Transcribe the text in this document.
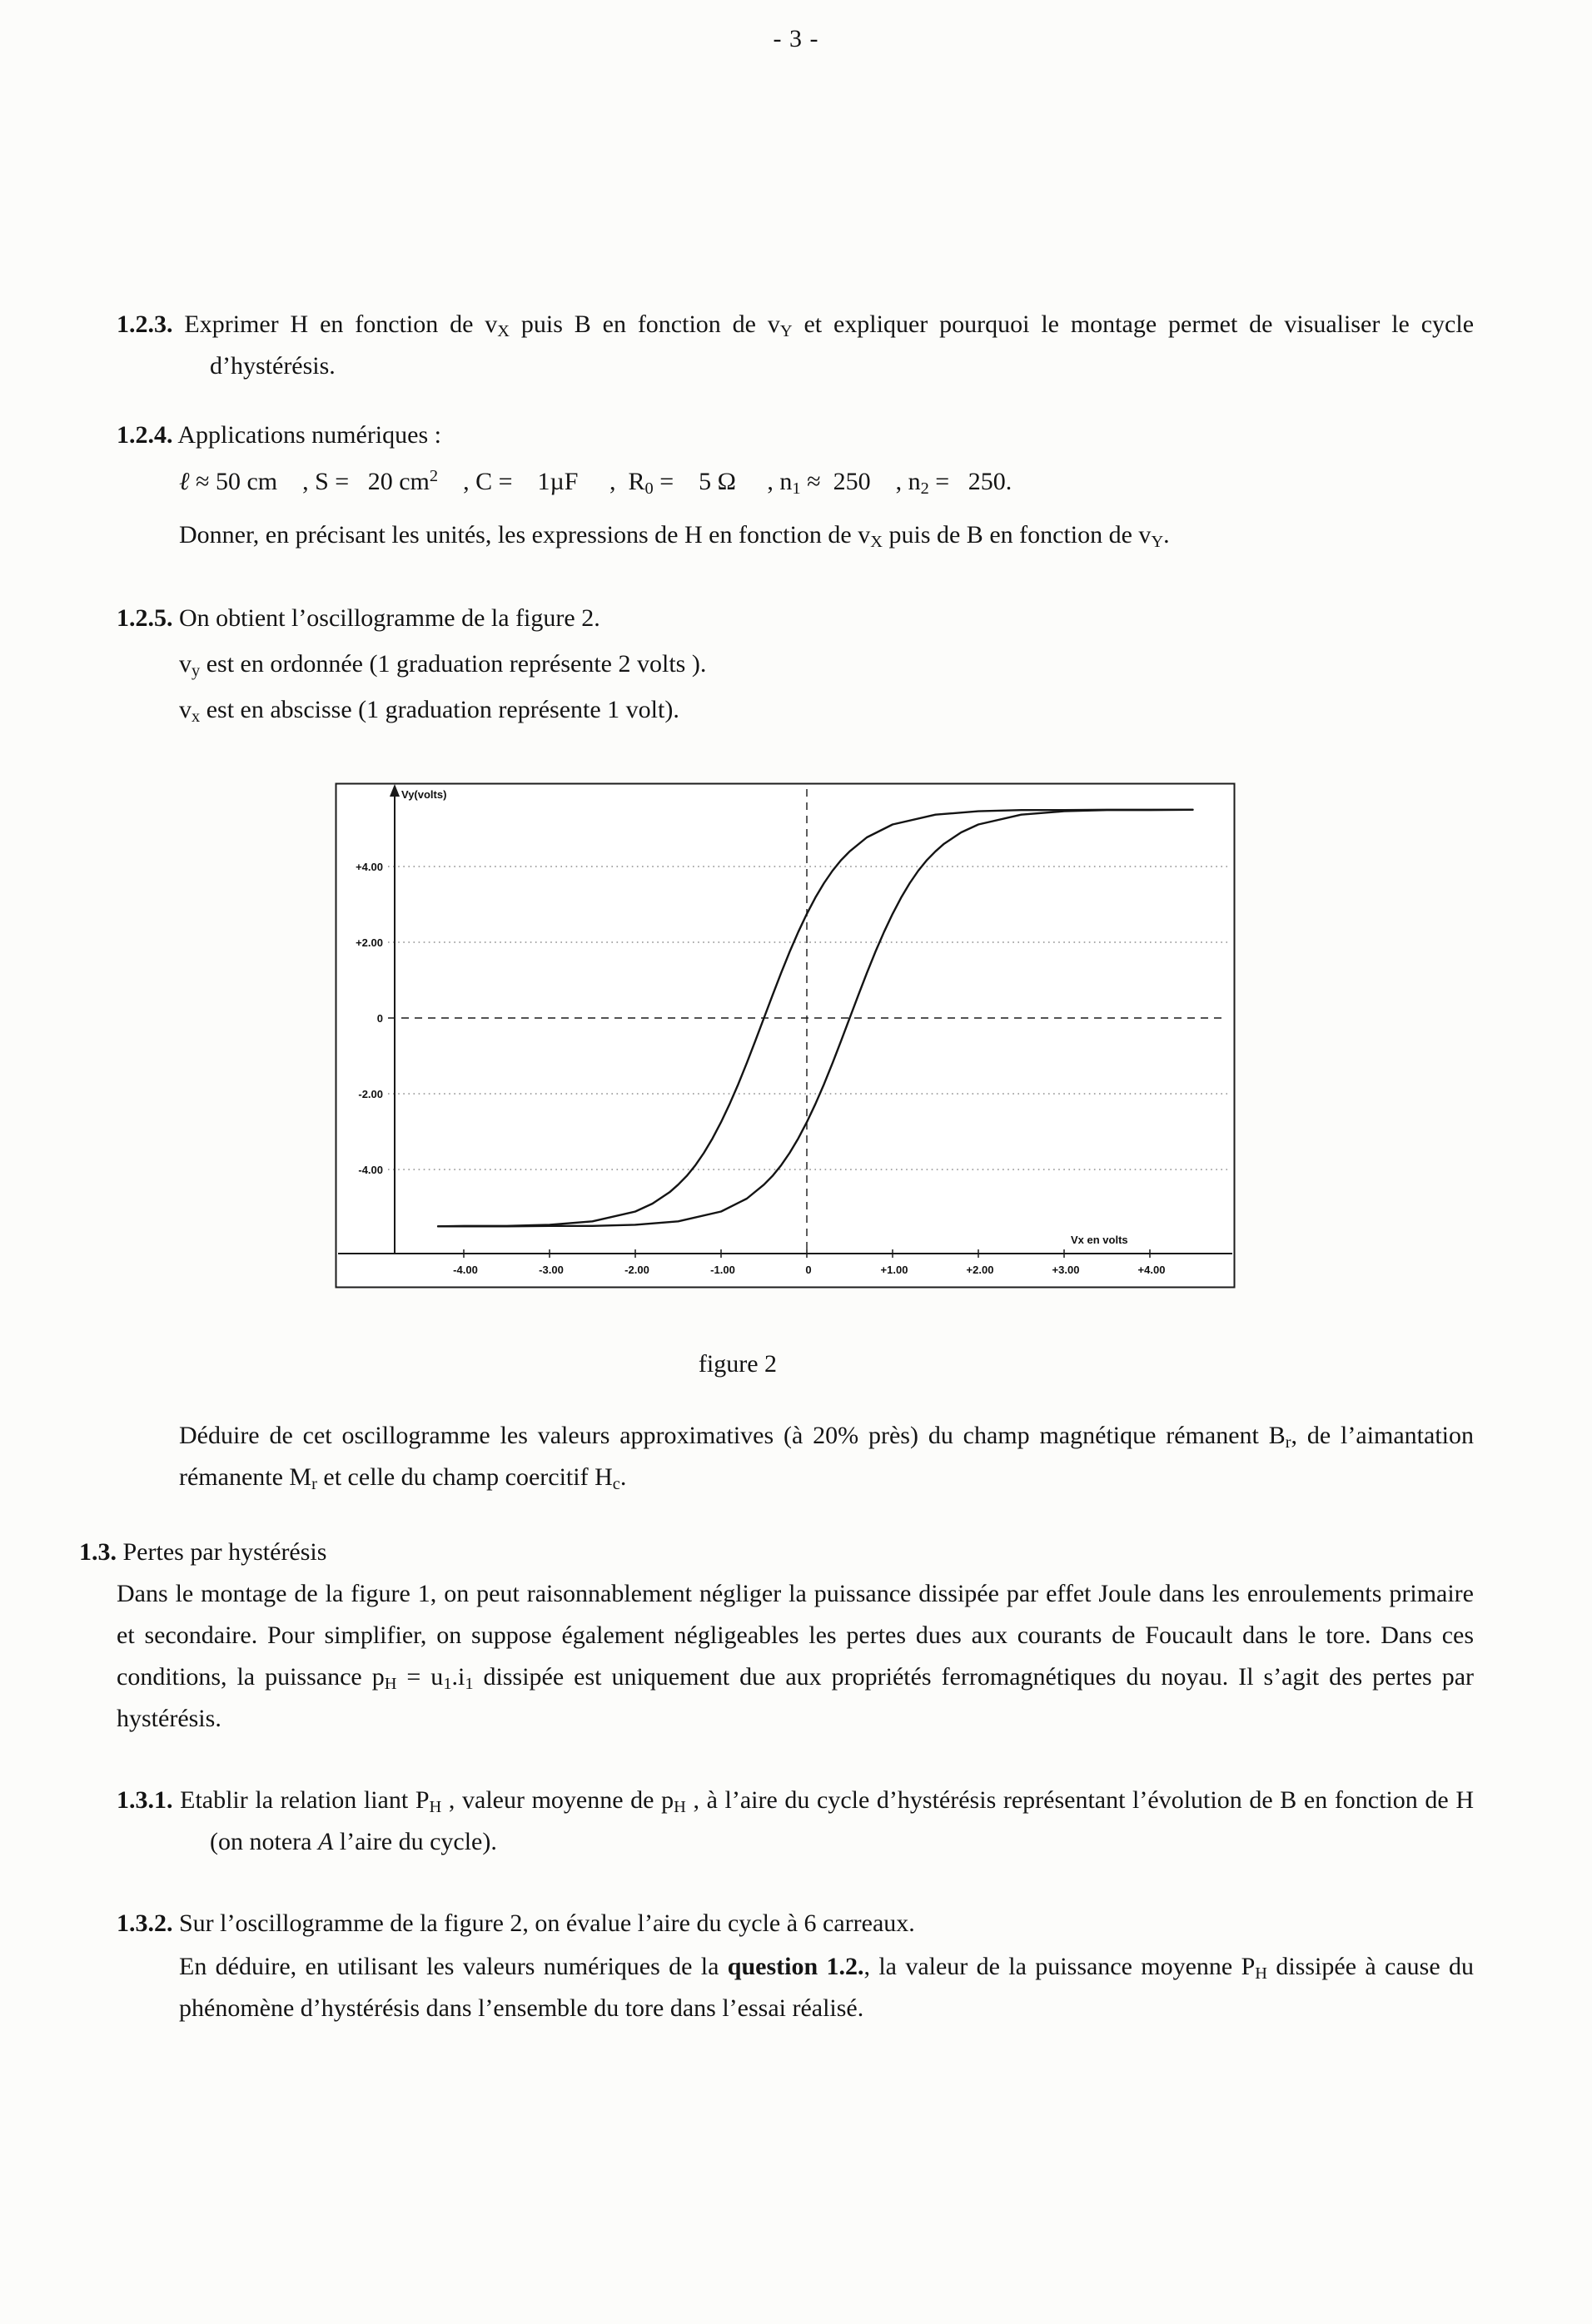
- 3 -

1.2.3. Exprimer H en fonction de $v_X$ puis B en fonction de $v_Y$ et expliquer pourquoi le montage permet de visualiser le cycle d’hystérésis.

1.2.4. Applications numériques :

ℓ ≈ 50 cm    , S =   20 $cm^2$    , C =    1µF     ,  $R_0$ =    5 Ω     , $n_1 \approx 250$    , $n_2 = 250$.

Donner, en précisant les unités, les expressions de H en fonction de $v_X$ puis de B en fonction de $v_Y$.

1.2.5. On obtient l’oscillogramme de la figure 2.

$v_y$ est en ordonnée (1 graduation représente 2 volts ).

$v_x$ est en abscisse (1 graduation représente 1 volt).

+4.00
+2.00
0
-2.00
-4.00
-4.00	-3.00	-2.00	-1.00	0	+1.00	+2.00	+3.00	+4.00
Vy(volts)
Vx en volts

figure 2

Déduire de cet oscillogramme les valeurs approximatives (à 20% près) du champ magnétique rémanent $B_r$, de l’aimantation rémanente $M_r$ et celle du champ coercitif $H_c$.

1.3. Pertes par hystérésis

Dans le montage de la figure 1, on peut raisonnablement négliger la puissance dissipée par effet Joule dans les enroulements primaire et secondaire. Pour simplifier, on suppose également négligeables les pertes dues aux courants de Foucault dans le tore. Dans ces conditions, la puissance $p_H = u_1.i_1$ dissipée est uniquement due aux propriétés ferromagnétiques du noyau. Il s’agit des pertes par hystérésis.

1.3.1. Etablir la relation liant $P_H$ , valeur moyenne de $p_H$ , à l’aire du cycle d’hystérésis représentant l’évolution de B en fonction de H (on notera A l’aire du cycle).

1.3.2. Sur l’oscillogramme de la figure 2, on évalue l’aire du cycle à 6 carreaux.

En déduire, en utilisant les valeurs numériques de la question 1.2., la valeur de la puissance moyenne $P_H$ dissipée à cause du phénomène d’hystérésis dans l’ensemble du tore dans l’essai réalisé.
